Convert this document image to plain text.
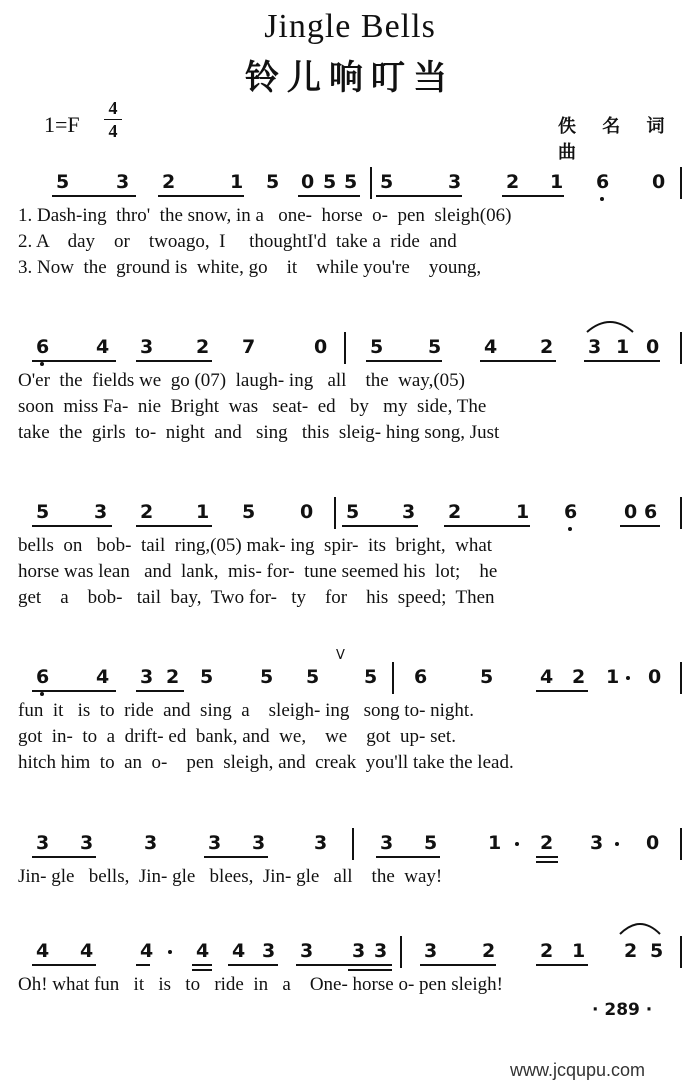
Jingle Bells
铃儿响叮当
1=F
4
4	佚 名 词曲
5 3 2	1 5 0 5 5 5	3 2 1 6 0
1. Dash-ing  thro'  the snow, in a   one-  horse  o-  pen  sleigh(06)
2. A    day    or    twoago,  I     thoughtI'd  take a  ride  and
3. Now  the  ground is  white, go    it    while you're    young,
6 4 3 2 7	0 5 5 4 2 3 1 0
O'er  the  fields we  go (07)  laugh- ing   all    the  way,(05)
soon  miss Fa-  nie  Bright  was   seat-  ed   by   my  side, The
take  the  girls  to-  night  and   sing   this  sleig- hing song, Just
5 3 2 1 5 0 5 3 2	1 6 0 6
bells  on   bob-  tail  ring,(05) mak- ing  spir-  its  bright,  what
horse was lean   and  lank,  mis- for-  tune seemed his  lot;    he
get    a    bob-   tail  bay,  Two for-   ty    for    his  speed;  Then
V
6 4 3 2 5 5 5 5 6	5 4 2 1 0
fun  it   is  to  ride  and  sing  a    sleigh- ing   song to- night.
got  in-  to  a  drift- ed  bank, and  we,    we    got  up- set.
hitch him  to  an  o-    pen  sleigh, and  creak  you'll take the lead.
3 3	3	3 3	3	3 5	1 2 3 0
Jin- gle   bells,  Jin- gle   blees,  Jin- gle   all    the  way!
4 4 4 4 4 3 3 3 3 3 2 2 1 2 5
Oh! what fun   it   is   to   ride  in   a    One- horse o- pen sleigh!
· 289 ·
www.jcqupu.com
